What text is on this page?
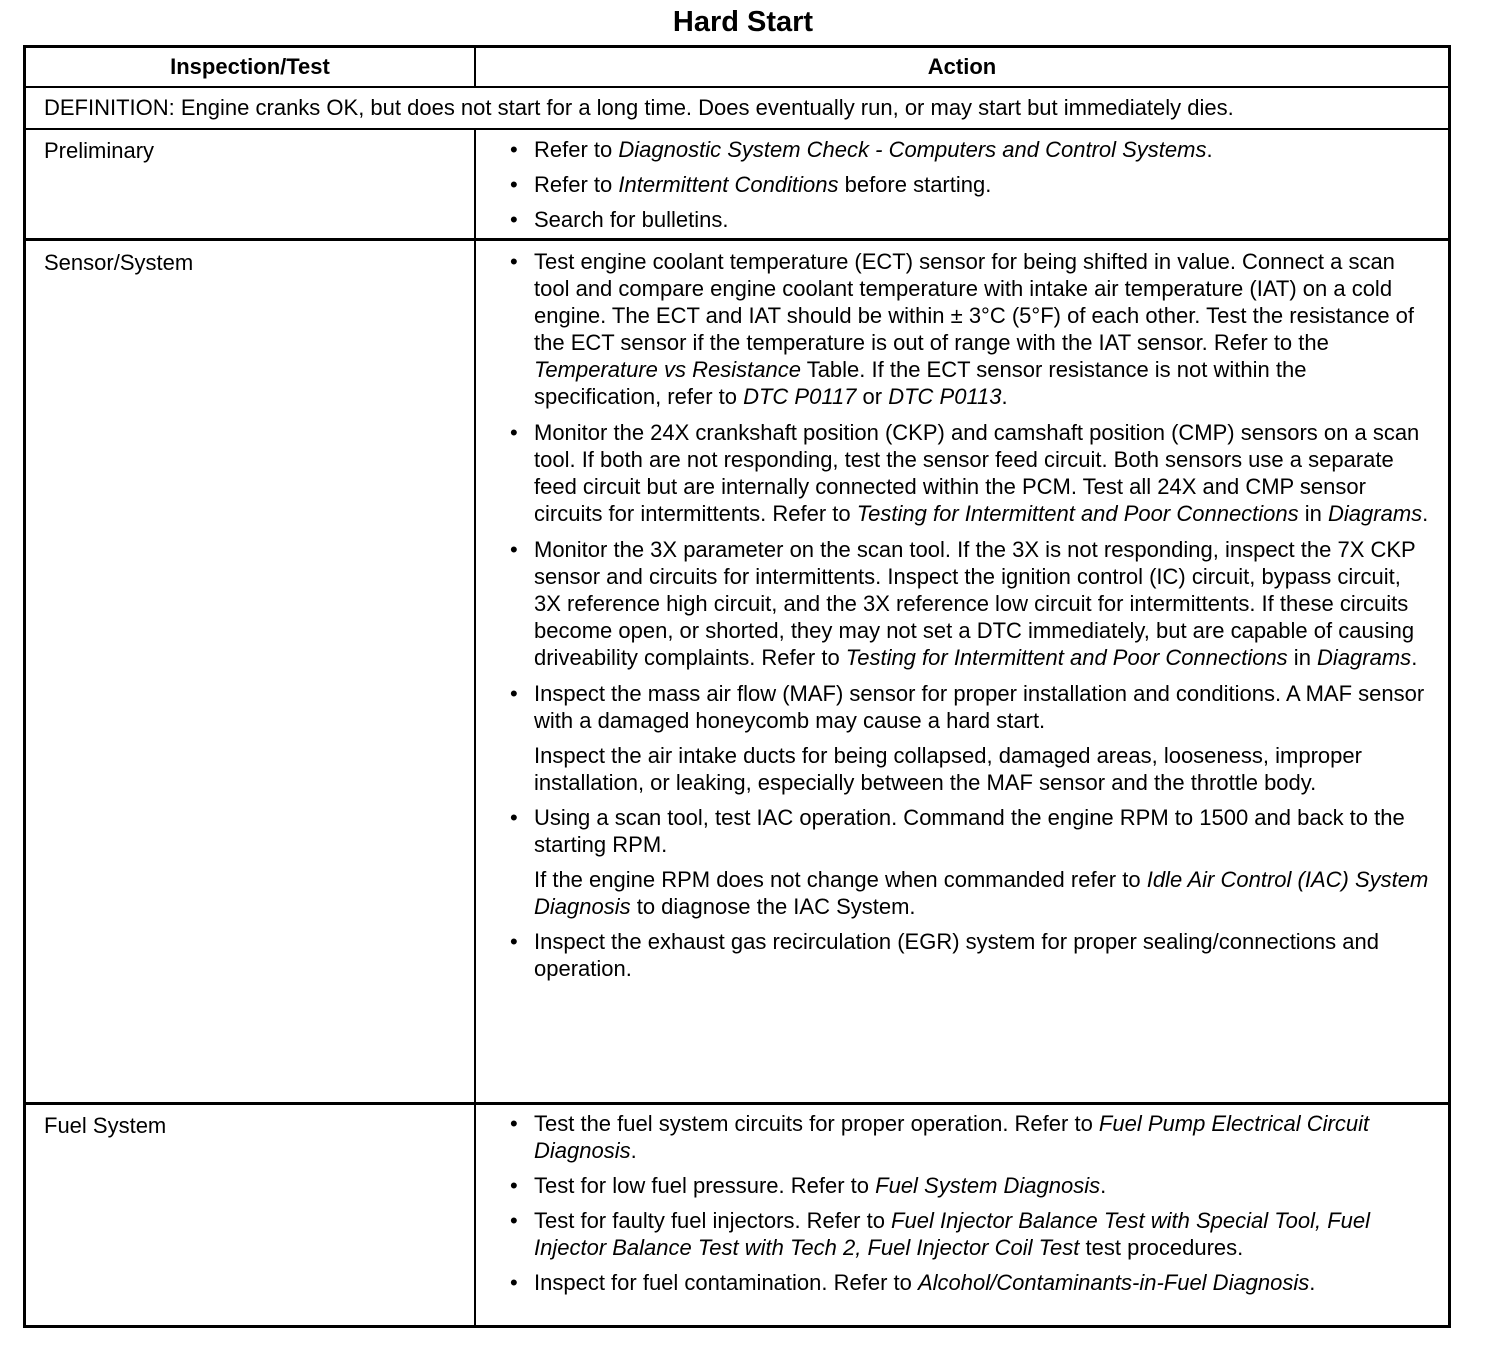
Hard Start
Inspection/Test	Action
DEFINITION: Engine cranks OK, but does not start for a long time. Does eventually run, or may start but immediately dies.
Preliminary	• Refer to Diagnostic System Check - Computers and Control Systems.
• Refer to Intermittent Conditions before starting.
• Search for bulletins.
Sensor/System	• Test engine coolant temperature (ECT) sensor for being shifted in value. Connect a scan tool and compare engine coolant temperature with intake air temperature (IAT) on a cold engine. The ECT and IAT should be within ± 3°C (5°F) of each other. Test the resistance of the ECT sensor if the temperature is out of range with the IAT sensor. Refer to the Temperature vs Resistance Table. If the ECT sensor resistance is not within the specification, refer to DTC P0117 or DTC P0113.
• Monitor the 24X crankshaft position (CKP) and camshaft position (CMP) sensors on a scan tool. If both are not responding, test the sensor feed circuit. Both sensors use a separate feed circuit but are internally connected within the PCM. Test all 24X and CMP sensor circuits for intermittents. Refer to Testing for Intermittent and Poor Connections in Diagrams.
• Monitor the 3X parameter on the scan tool. If the 3X is not responding, inspect the 7X CKP sensor and circuits for intermittents. Inspect the ignition control (IC) circuit, bypass circuit, 3X reference high circuit, and the 3X reference low circuit for intermittents. If these circuits become open, or shorted, they may not set a DTC immediately, but are capable of causing driveability complaints. Refer to Testing for Intermittent and Poor Connections in Diagrams.
• Inspect the mass air flow (MAF) sensor for proper installation and conditions. A MAF sensor with a damaged honeycomb may cause a hard start.
Inspect the air intake ducts for being collapsed, damaged areas, looseness, improper installation, or leaking, especially between the MAF sensor and the throttle body.
• Using a scan tool, test IAC operation. Command the engine RPM to 1500 and back to the starting RPM.
If the engine RPM does not change when commanded refer to Idle Air Control (IAC) System Diagnosis to diagnose the IAC System.
• Inspect the exhaust gas recirculation (EGR) system for proper sealing/connections and operation.
Fuel System	• Test the fuel system circuits for proper operation. Refer to Fuel Pump Electrical Circuit Diagnosis.
• Test for low fuel pressure. Refer to Fuel System Diagnosis.
• Test for faulty fuel injectors. Refer to Fuel Injector Balance Test with Special Tool, Fuel Injector Balance Test with Tech 2, Fuel Injector Coil Test test procedures.
• Inspect for fuel contamination. Refer to Alcohol/Contaminants-in-Fuel Diagnosis.
